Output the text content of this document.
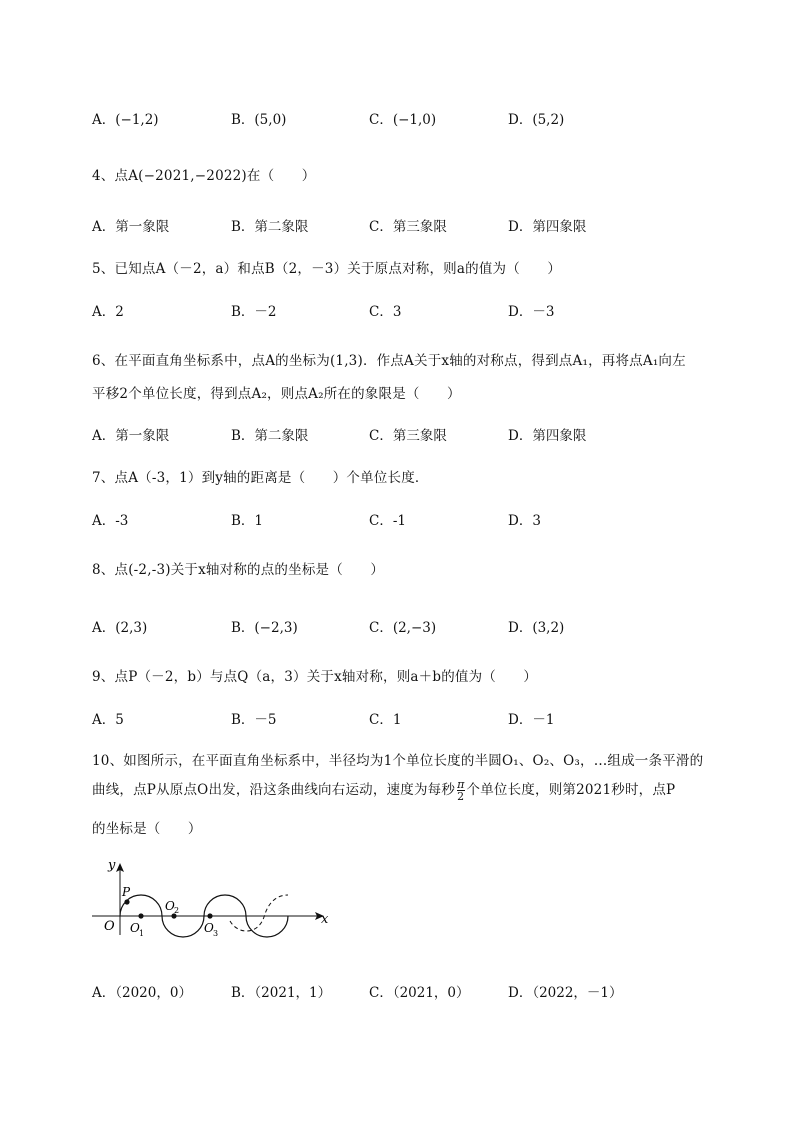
A．(−1,2)	B．(5,0)	C．(−1,0)	D．(5,2)
4、点A(−2021,−2022)在（　　）
A．第一象限	B．第二象限	C．第三象限	D．第四象限
5、已知点A（－2，a）和点B（2，－3）关于原点对称，则a的值为（　　）
A．2	B．－2	C．3	D．－3
6、在平面直角坐标系中，点A的坐标为(1,3)．作点A关于x轴的对称点，得到点A₁，再将点A₁向左
平移2个单位长度，得到点A₂，则点A₂所在的象限是（　　）
A．第一象限	B．第二象限	C．第三象限	D．第四象限
7、点A（-3，1）到y轴的距离是（　　）个单位长度．
A．-3	B．1	C．-1	D．3
8、点(-2,-3)关于x轴对称的点的坐标是（　　）
A．(2,3)	B．(−2,3)	C．(2,−3)	D．(3,2)
9、点P（－2，b）与点Q（a，3）关于x轴对称，则a＋b的值为（　　）
A．5	B．－5	C．1	D．－1
10、如图所示，在平面直角坐标系中，半径均为1个单位长度的半圆O₁、O₂、O₃，…组成一条平滑的
曲线，点P从原点O出发，沿这条曲线向右运动，速度为每秒 $\frac{\pi}{2}$ 个单位长度，则第2021秒时，点P
的坐标是（　　）
y
x
O
P
O 1
O 2
O 3
A．（2020，0）	B．（2021，1）	C．（2021，0）	D．（2022，－1）
